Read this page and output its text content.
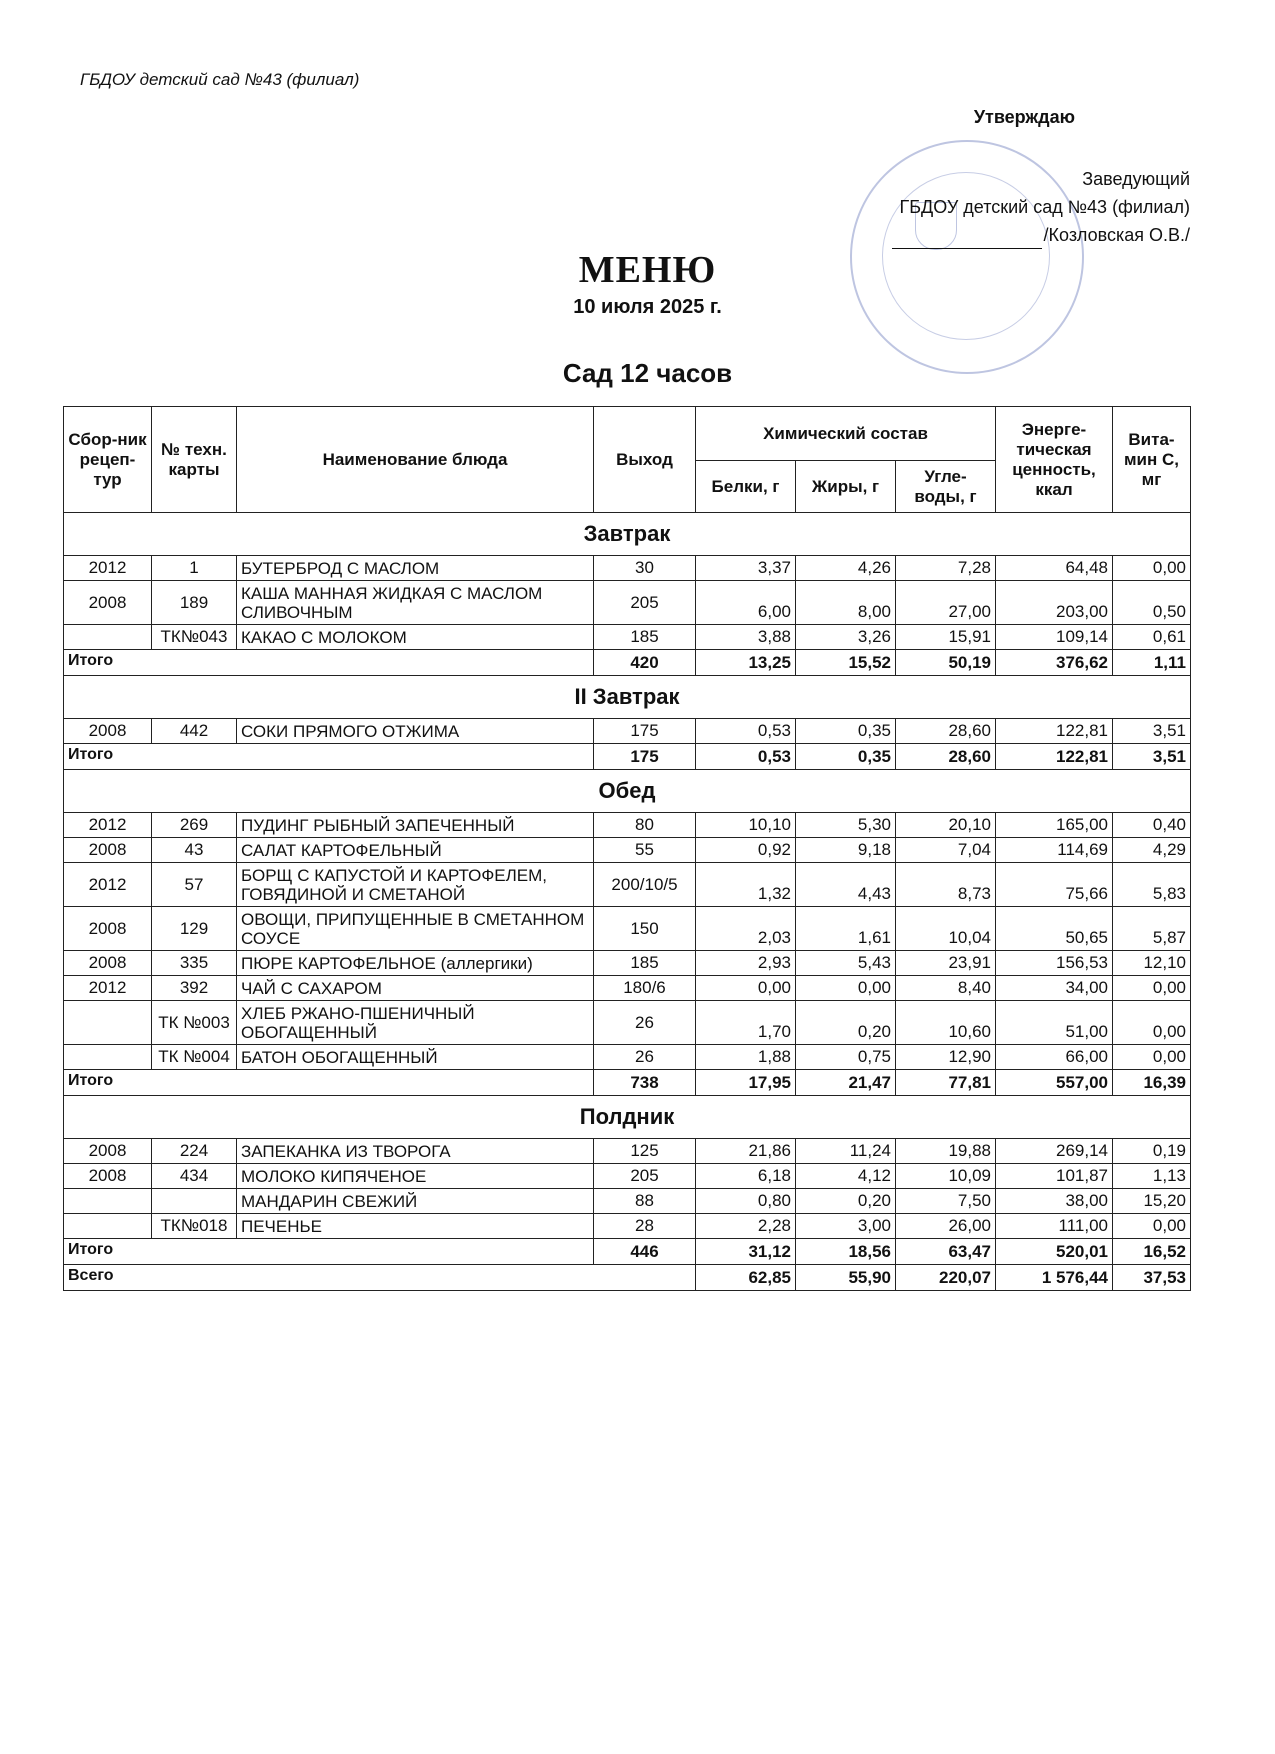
ГБДОУ детский сад №43 (филиал)
Утверждаю
Заведующий
ГБДОУ детский сад №43 (филиал)
/Козловская О.В./
МЕНЮ
10 июля 2025 г.
Сад 12 часов
Сбор-ник рецеп-тур	№ техн. карты	Наименование блюда	Выход	Химический состав			Энерге-тическая ценность, ккал	Вита-мин С, мг
				Белки, г	Жиры, г	Угле-воды, г		
Завтрак								
2012	1	БУТЕРБРОД С МАСЛОМ	30	3,37	4,26	7,28	64,48	0,00
2008	189	КАША МАННАЯ ЖИДКАЯ С МАСЛОМ СЛИВОЧНЫМ	205	6,00	8,00	27,00	203,00	0,50
	ТК№043	КАКАО С МОЛОКОМ	185	3,88	3,26	15,91	109,14	0,61
Итого			420	13,25	15,52	50,19	376,62	1,11
II Завтрак								
2008	442	СОКИ ПРЯМОГО ОТЖИМА	175	0,53	0,35	28,60	122,81	3,51
Итого			175	0,53	0,35	28,60	122,81	3,51
Обед								
2012	269	ПУДИНГ РЫБНЫЙ ЗАПЕЧЕННЫЙ	80	10,10	5,30	20,10	165,00	0,40
2008	43	САЛАТ КАРТОФЕЛЬНЫЙ	55	0,92	9,18	7,04	114,69	4,29
2012	57	БОРЩ С КАПУСТОЙ И КАРТОФЕЛЕМ, ГОВЯДИНОЙ И СМЕТАНОЙ	200/10/5	1,32	4,43	8,73	75,66	5,83
2008	129	ОВОЩИ, ПРИПУЩЕННЫЕ В СМЕТАННОМ СОУСЕ	150	2,03	1,61	10,04	50,65	5,87
2008	335	ПЮРЕ КАРТОФЕЛЬНОЕ (аллергики)	185	2,93	5,43	23,91	156,53	12,10
2012	392	ЧАЙ С САХАРОМ	180/6	0,00	0,00	8,40	34,00	0,00
	ТК №003	ХЛЕБ РЖАНО-ПШЕНИЧНЫЙ ОБОГАЩЕННЫЙ	26	1,70	0,20	10,60	51,00	0,00
	ТК №004	БАТОН ОБОГАЩЕННЫЙ	26	1,88	0,75	12,90	66,00	0,00
Итого			738	17,95	21,47	77,81	557,00	16,39
Полдник								
2008	224	ЗАПЕКАНКА ИЗ ТВОРОГА	125	21,86	11,24	19,88	269,14	0,19
2008	434	МОЛОКО КИПЯЧЕНОЕ	205	6,18	4,12	10,09	101,87	1,13
		МАНДАРИН СВЕЖИЙ	88	0,80	0,20	7,50	38,00	15,20
	ТК№018	ПЕЧЕНЬЕ	28	2,28	3,00	26,00	111,00	0,00
Итого			446	31,12	18,56	63,47	520,01	16,52
Всего				62,85	55,90	220,07	1 576,44	37,53
